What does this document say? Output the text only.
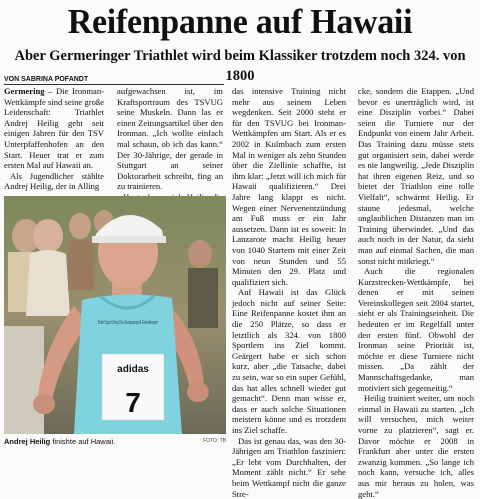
Reifenpanne auf Hawaii
Aber Germeringer Triathlet wird beim Klassiker trotzdem noch 324. von 1800
VON SABRINA POFANDT

Germering – Die Ironman-Wettkämpfe sind seine große Leidenschaft: Triathlet Andrej Heilig geht seit einigen Jahren für den TSV Unterpfaffenhofen an den Start. Heuer trat er zum ersten Mal auf Hawaii an.

Als Jugendlicher stählte Andrej Heilig, der in Alling

aufgewachsen ist, im Kraftsportraum des TSVUG seine Muskeln. Dann las er einen Zeitungsartikel über den Ironman. „Ich wollte einfach mal schaun, ob ich das kann.“ Der 30-Jährige, der gerade in Stuttgart an seiner Doktorarbeit schreibt, fing an zu trainieren.

das intensive Training nicht mehr aus seinem Leben wegdenken. Seit 2000 steht er für den TSVUG bei Ironman-Wettkämpfen am Start. Als er es 2002 in Kulmbach zum ersten Mal in weniger als zehn Stunden über die Ziellinie schaffte, ist ihm klar: „Jetzt will ich mich für Hawaii qualifizieren.“ Drei Jahre lang klappt es nicht. Wegen einer Nervenentzündung am Fuß muss er ein Jahr aussetzen. Dann ist es soweit: In Lanzarote macht Heilig heuer von 1040 Startern mit einer Zeit von neun Stunden und 55 Minuten den 29. Platz und qualifiziert sich.

Auf Hawaii ist das Glück jedoch nicht auf seiner Seite: Eine Reifenpanne kostet ihm an die 250 Plätze, so dass er letztlich als 324. von 1800 Sportlern ins Ziel kommt. Geärgert habe er sich schon kurz, aber „die Tatsache, dabei zu sein, war so ein super Gefühl, das hat alles schnell wieder gut gemacht“. Denn man wisse er, dass er auch solche Situationen meistern könne und es trotzdem ins Ziel schaffe.

Das ist genau das, was den 30-Jährigen am Triathlon fasziniert: „Er lebt vom Durchhalten, der Moment zählt nicht.“ Er sehe beim Wettkampf nicht die ganze Stre-

cke, sondern die Etappen. „Und bevor es unerträglich wird, ist eine Disziplin vorbei.“ Dabei seien die Turniere nur der Endpunkt von einem Jahr Arbeit. Das Training dazu müsse stets gut organisiert sein, dabei werde es nie langweilig. „Jede Disziplin hat ihren eigenen Reiz, und so bietet der Triathlon eine tolle Vielfalt“, schwärmt Heilig. Er staune jedesmal, welche unglaublichen Distanzen man im Training überwindet. „Und das auch noch in der Natur, da sieht man auf einmal Sachen, die man sonst nicht mitkriegt.“

Auch die regionalen Kurzstrecken-Wettkämpfe, bei denen er mit seinen Vereinskollegen seit 2004 startet, sieht er als Trainingseinheit. Die bedeuten er im Regelfall unter den ersten fünf. Obwohl der Ironman seine Priorität ist, möchte er diese Turniere nicht missen. „Da zählt der Mannschaftsgedanke, man motiviert sich gegenseitig.“

Heilig trainiert weiter, um noch einmal in Hawaii zu starten. „Ich will versuchen, mich weiter vorne zu platzieren“, sagt er. Davor möchte er 2008 in Frankfurt aber unter die ersten zwanzig kommen. „So lange ich noch kann, versuche ich, alles aus mir heraus zu holen, was geht.“

Brahl Sport Shop Der Ausdauerprofi Geiselbergen
adidas
7
Andrej Heilig finishte auf Hawaii.	FOTO: TB
